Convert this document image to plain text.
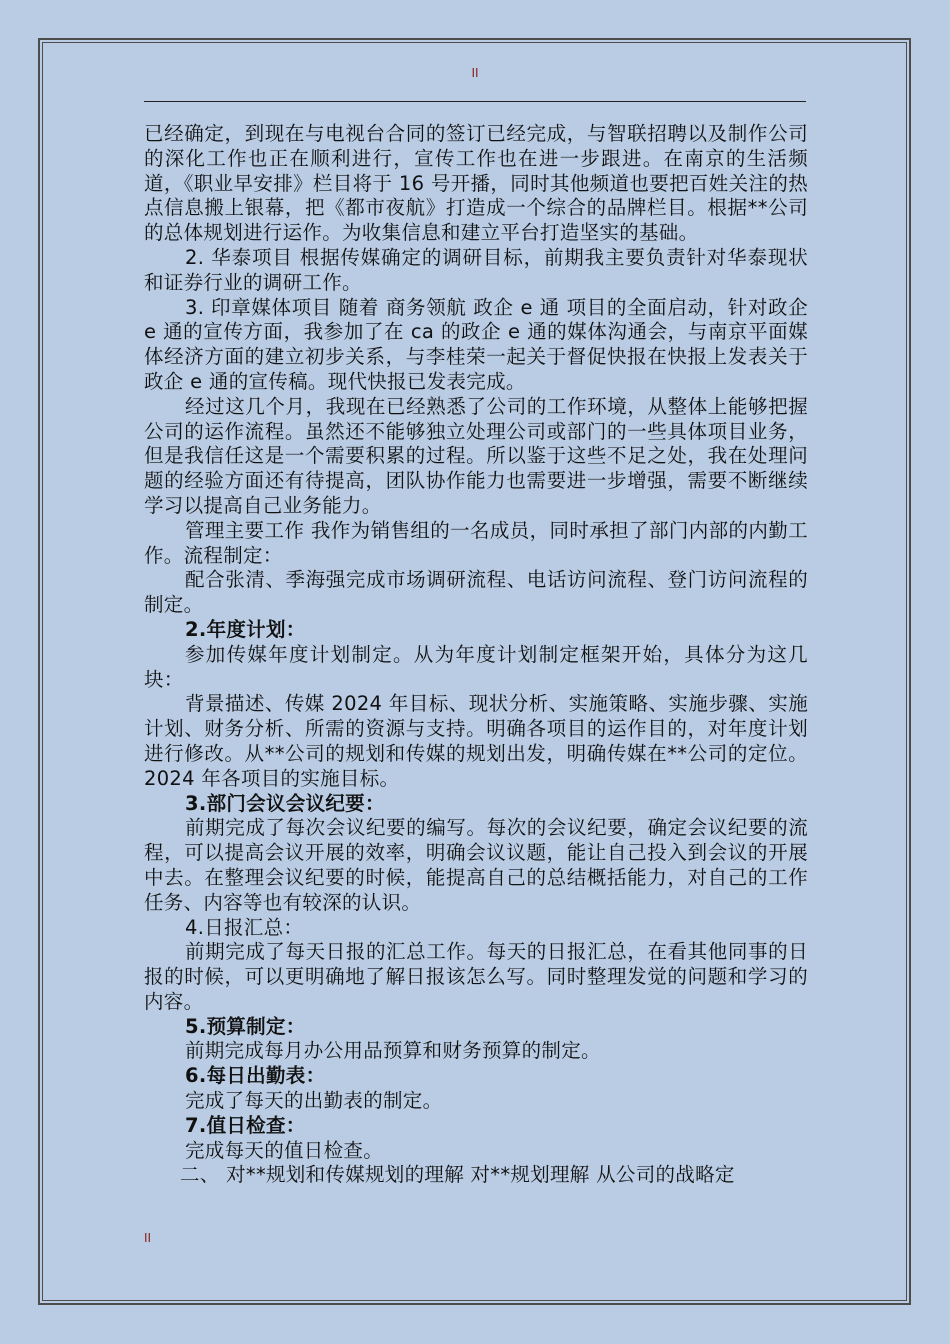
II

已经确定，到现在与电视台合同的签订已经完成，与智联招聘以及制作公司的深化工作也正在顺利进行，宣传工作也在进一步跟进。在南京的生活频道，《职业早安排》栏目将于 16 号开播，同时其他频道也要把百姓关注的热点信息搬上银幕，把《都市夜航》打造成一个综合的品牌栏目。根据**公司的总体规划进行运作。为收集信息和建立平台打造坚实的基础。

2. 华泰项目 根据传媒确定的调研目标，前期我主要负责针对华泰现状和证券行业的调研工作。

3. 印章媒体项目 随着 商务领航 政企 e 通 项目的全面启动，针对政企 e 通的宣传方面，我参加了在 ca 的政企 e 通的媒体沟通会，与南京平面媒体经济方面的建立初步关系，与李桂荣一起关于督促快报在快报上发表关于政企 e 通的宣传稿。现代快报已发表完成。

经过这几个月，我现在已经熟悉了公司的工作环境，从整体上能够把握公司的运作流程。虽然还不能够独立处理公司或部门的一些具体项目业务，但是我信任这是一个需要积累的过程。所以鉴于这些不足之处，我在处理问题的经验方面还有待提高，团队协作能力也需要进一步增强，需要不断继续学习以提高自己业务能力。

管理主要工作 我作为销售组的一名成员，同时承担了部门内部的内勤工作。流程制定：

配合张清、季海强完成市场调研流程、电话访问流程、登门访问流程的制定。

2.年度计划：

参加传媒年度计划制定。从为年度计划制定框架开始，具体分为这几块：

背景描述、传媒 2024 年目标、现状分析、实施策略、实施步骤、实施计划、财务分析、所需的资源与支持。明确各项目的运作目的，对年度计划进行修改。从**公司的规划和传媒的规划出发，明确传媒在**公司的定位。2024 年各项目的实施目标。

3.部门会议会议纪要：

前期完成了每次会议纪要的编写。每次的会议纪要，确定会议纪要的流程，可以提高会议开展的效率，明确会议议题，能让自己投入到会议的开展中去。在整理会议纪要的时候，能提高自己的总结概括能力，对自己的工作任务、内容等也有较深的认识。

4.日报汇总：

前期完成了每天日报的汇总工作。每天的日报汇总，在看其他同事的日报的时候，可以更明确地了解日报该怎么写。同时整理发觉的问题和学习的内容。

5.预算制定：

前期完成每月办公用品预算和财务预算的制定。

6.每日出勤表：

完成了每天的出勤表的制定。

7.值日检查：

完成每天的值日检查。

二、 对**规划和传媒规划的理解 对**规划理解 从公司的战略定

II
